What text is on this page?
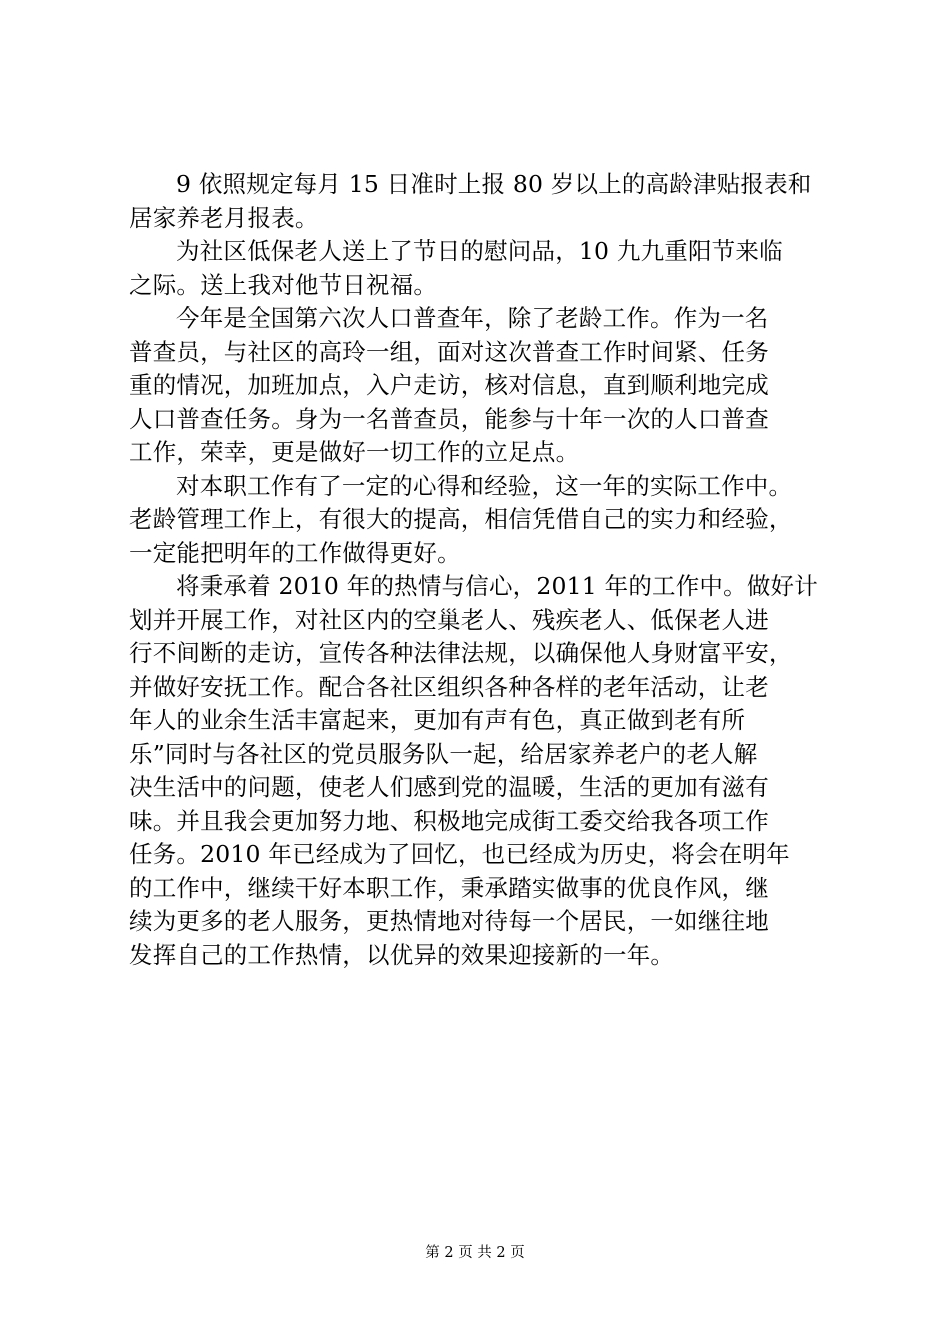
9 依照规定每月 15 日准时上报 80 岁以上的高龄津贴报表和
居家养老月报表。
为社区低保老人送上了节日的慰问品，10 九九重阳节来临
之际。送上我对他节日祝福。
今年是全国第六次人口普查年，除了老龄工作。作为一名
普查员，与社区的高玲一组，面对这次普查工作时间紧、任务
重的情况，加班加点，入户走访，核对信息，直到顺利地完成
人口普查任务。身为一名普查员，能参与十年一次的人口普查
工作，荣幸，更是做好一切工作的立足点。
对本职工作有了一定的心得和经验，这一年的实际工作中。
老龄管理工作上，有很大的提高，相信凭借自己的实力和经验，
一定能把明年的工作做得更好。
将秉承着 2010 年的热情与信心，2011 年的工作中。做好计
划并开展工作，对社区内的空巢老人、残疾老人、低保老人进
行不间断的走访，宣传各种法律法规，以确保他人身财富平安，
并做好安抚工作。配合各社区组织各种各样的老年活动，让老
年人的业余生活丰富起来，更加有声有色，真正做到老有所
乐”同时与各社区的党员服务队一起，给居家养老户的老人解
决生活中的问题，使老人们感到党的温暖，生活的更加有滋有
味。并且我会更加努力地、积极地完成街工委交给我各项工作
任务。2010 年已经成为了回忆，也已经成为历史，将会在明年
的工作中，继续干好本职工作，秉承踏实做事的优良作风，继
续为更多的老人服务，更热情地对待每一个居民，一如继往地
发挥自己的工作热情，以优异的效果迎接新的一年。
第 2 页 共 2 页
